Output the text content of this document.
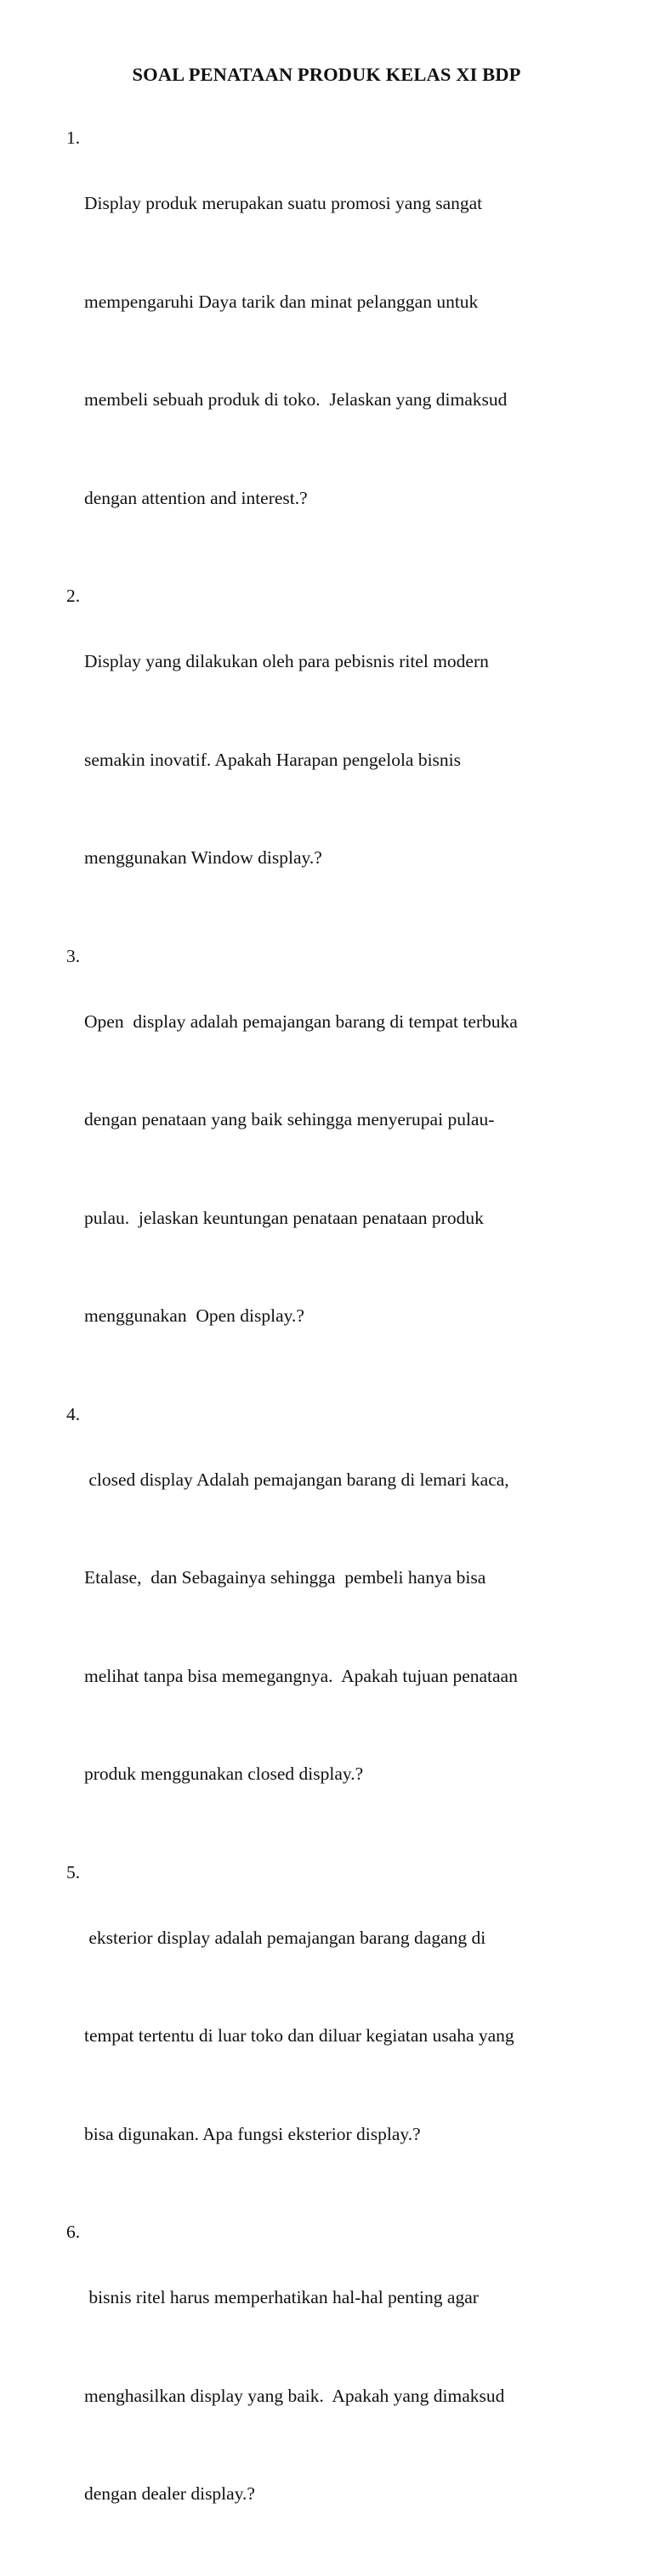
SOAL PENATAAN PRODUK KELAS XI BDP
1.

Display produk merupakan suatu promosi yang sangat

mempengaruhi Daya tarik dan minat pelanggan untuk

membeli sebuah produk di toko.  Jelaskan yang dimaksud

dengan attention and interest.?

2.

Display yang dilakukan oleh para pebisnis ritel modern

semakin inovatif. Apakah Harapan pengelola bisnis

menggunakan Window display.?

3.

Open  display adalah pemajangan barang di tempat terbuka

dengan penataan yang baik sehingga menyerupai pulau-

pulau.  jelaskan keuntungan penataan penataan produk

menggunakan  Open display.?

4.

closed display Adalah pemajangan barang di lemari kaca,

Etalase,  dan Sebagainya sehingga  pembeli hanya bisa

melihat tanpa bisa memegangnya.  Apakah tujuan penataan

produk menggunakan closed display.?

5.

eksterior display adalah pemajangan barang dagang di

tempat tertentu di luar toko dan diluar kegiatan usaha yang

bisa digunakan. Apa fungsi eksterior display.?

6.

bisnis ritel harus memperhatikan hal-hal penting agar

menghasilkan display yang baik.  Apakah yang dimaksud

dengan dealer display.?
